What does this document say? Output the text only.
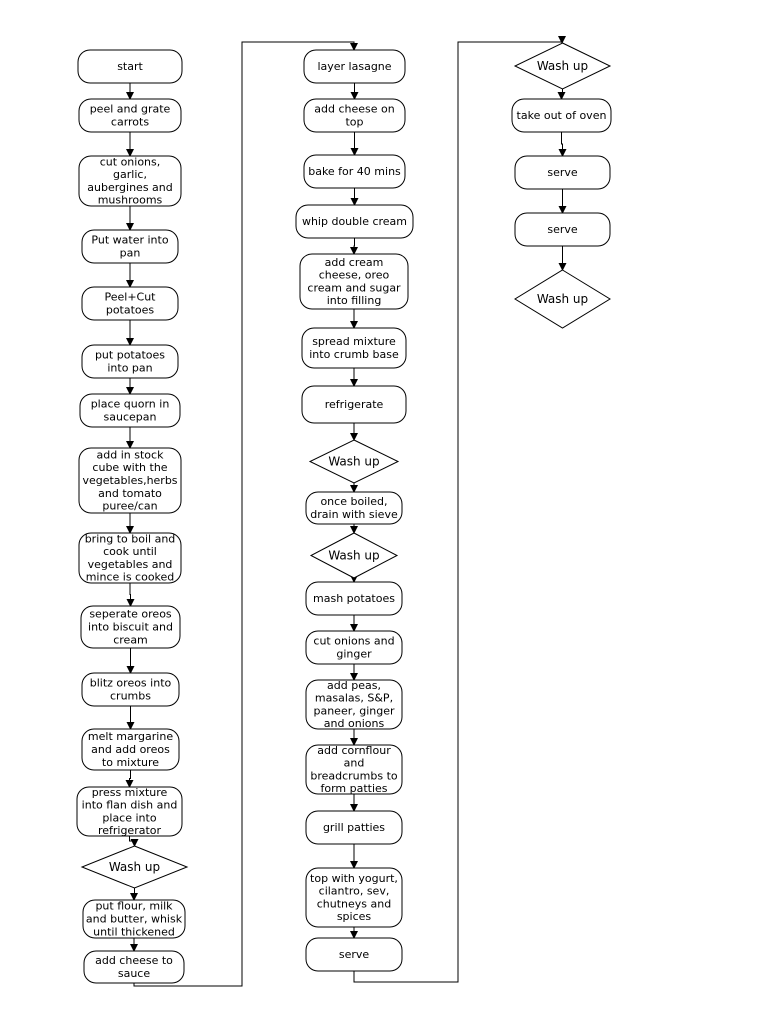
start
peel and grate
carrots
cut onions,
garlic,
aubergines and
mushrooms
Put water into
pan
Peel+Cut
potatoes
put potatoes
into pan
place quorn in
saucepan
add in stock
cube with the
vegetables,herbs
and tomato
puree/can
bring to boil and
cook until
vegetables and
mince is cooked
seperate oreos
into biscuit and
cream
blitz oreos into
crumbs
melt margarine
and add oreos
to mixture
press mixture
into flan dish and
place into
refrigerator
Wash up
put flour, milk
and butter, whisk
until thickened
add cheese to
sauce
layer lasagne
add cheese on
top
bake for 40 mins
whip double cream
add cream
cheese, oreo
cream and sugar
into filling
spread mixture
into crumb base
refrigerate
Wash up
once boiled,
drain with sieve
Wash up
mash potatoes
cut onions and
ginger
add peas,
masalas, S&P,
paneer, ginger
and onions
add cornflour
and
breadcrumbs to
form patties
grill patties
top with yogurt,
cilantro, sev,
chutneys and
spices
serve
Wash up
take out of oven
serve
serve
Wash up
